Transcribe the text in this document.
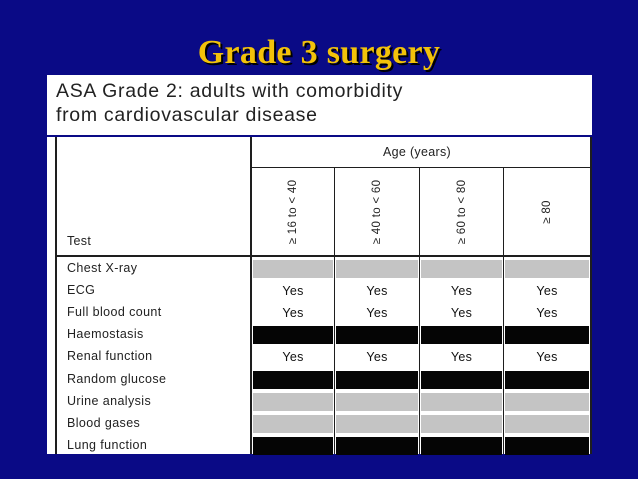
Grade 3 surgery
ASA Grade 2: adults with comorbidity
from cardiovascular disease
Age (years)
Test	≥ 16 to < 40	≥ 40 to < 60	≥ 60 to < 80	≥ 80
Chest X-ray
ECG	Yes	Yes	Yes	Yes
Full blood count	Yes	Yes	Yes	Yes
Haemostasis
Renal function	Yes	Yes	Yes	Yes
Random glucose
Urine analysis
Blood gases
Lung function
